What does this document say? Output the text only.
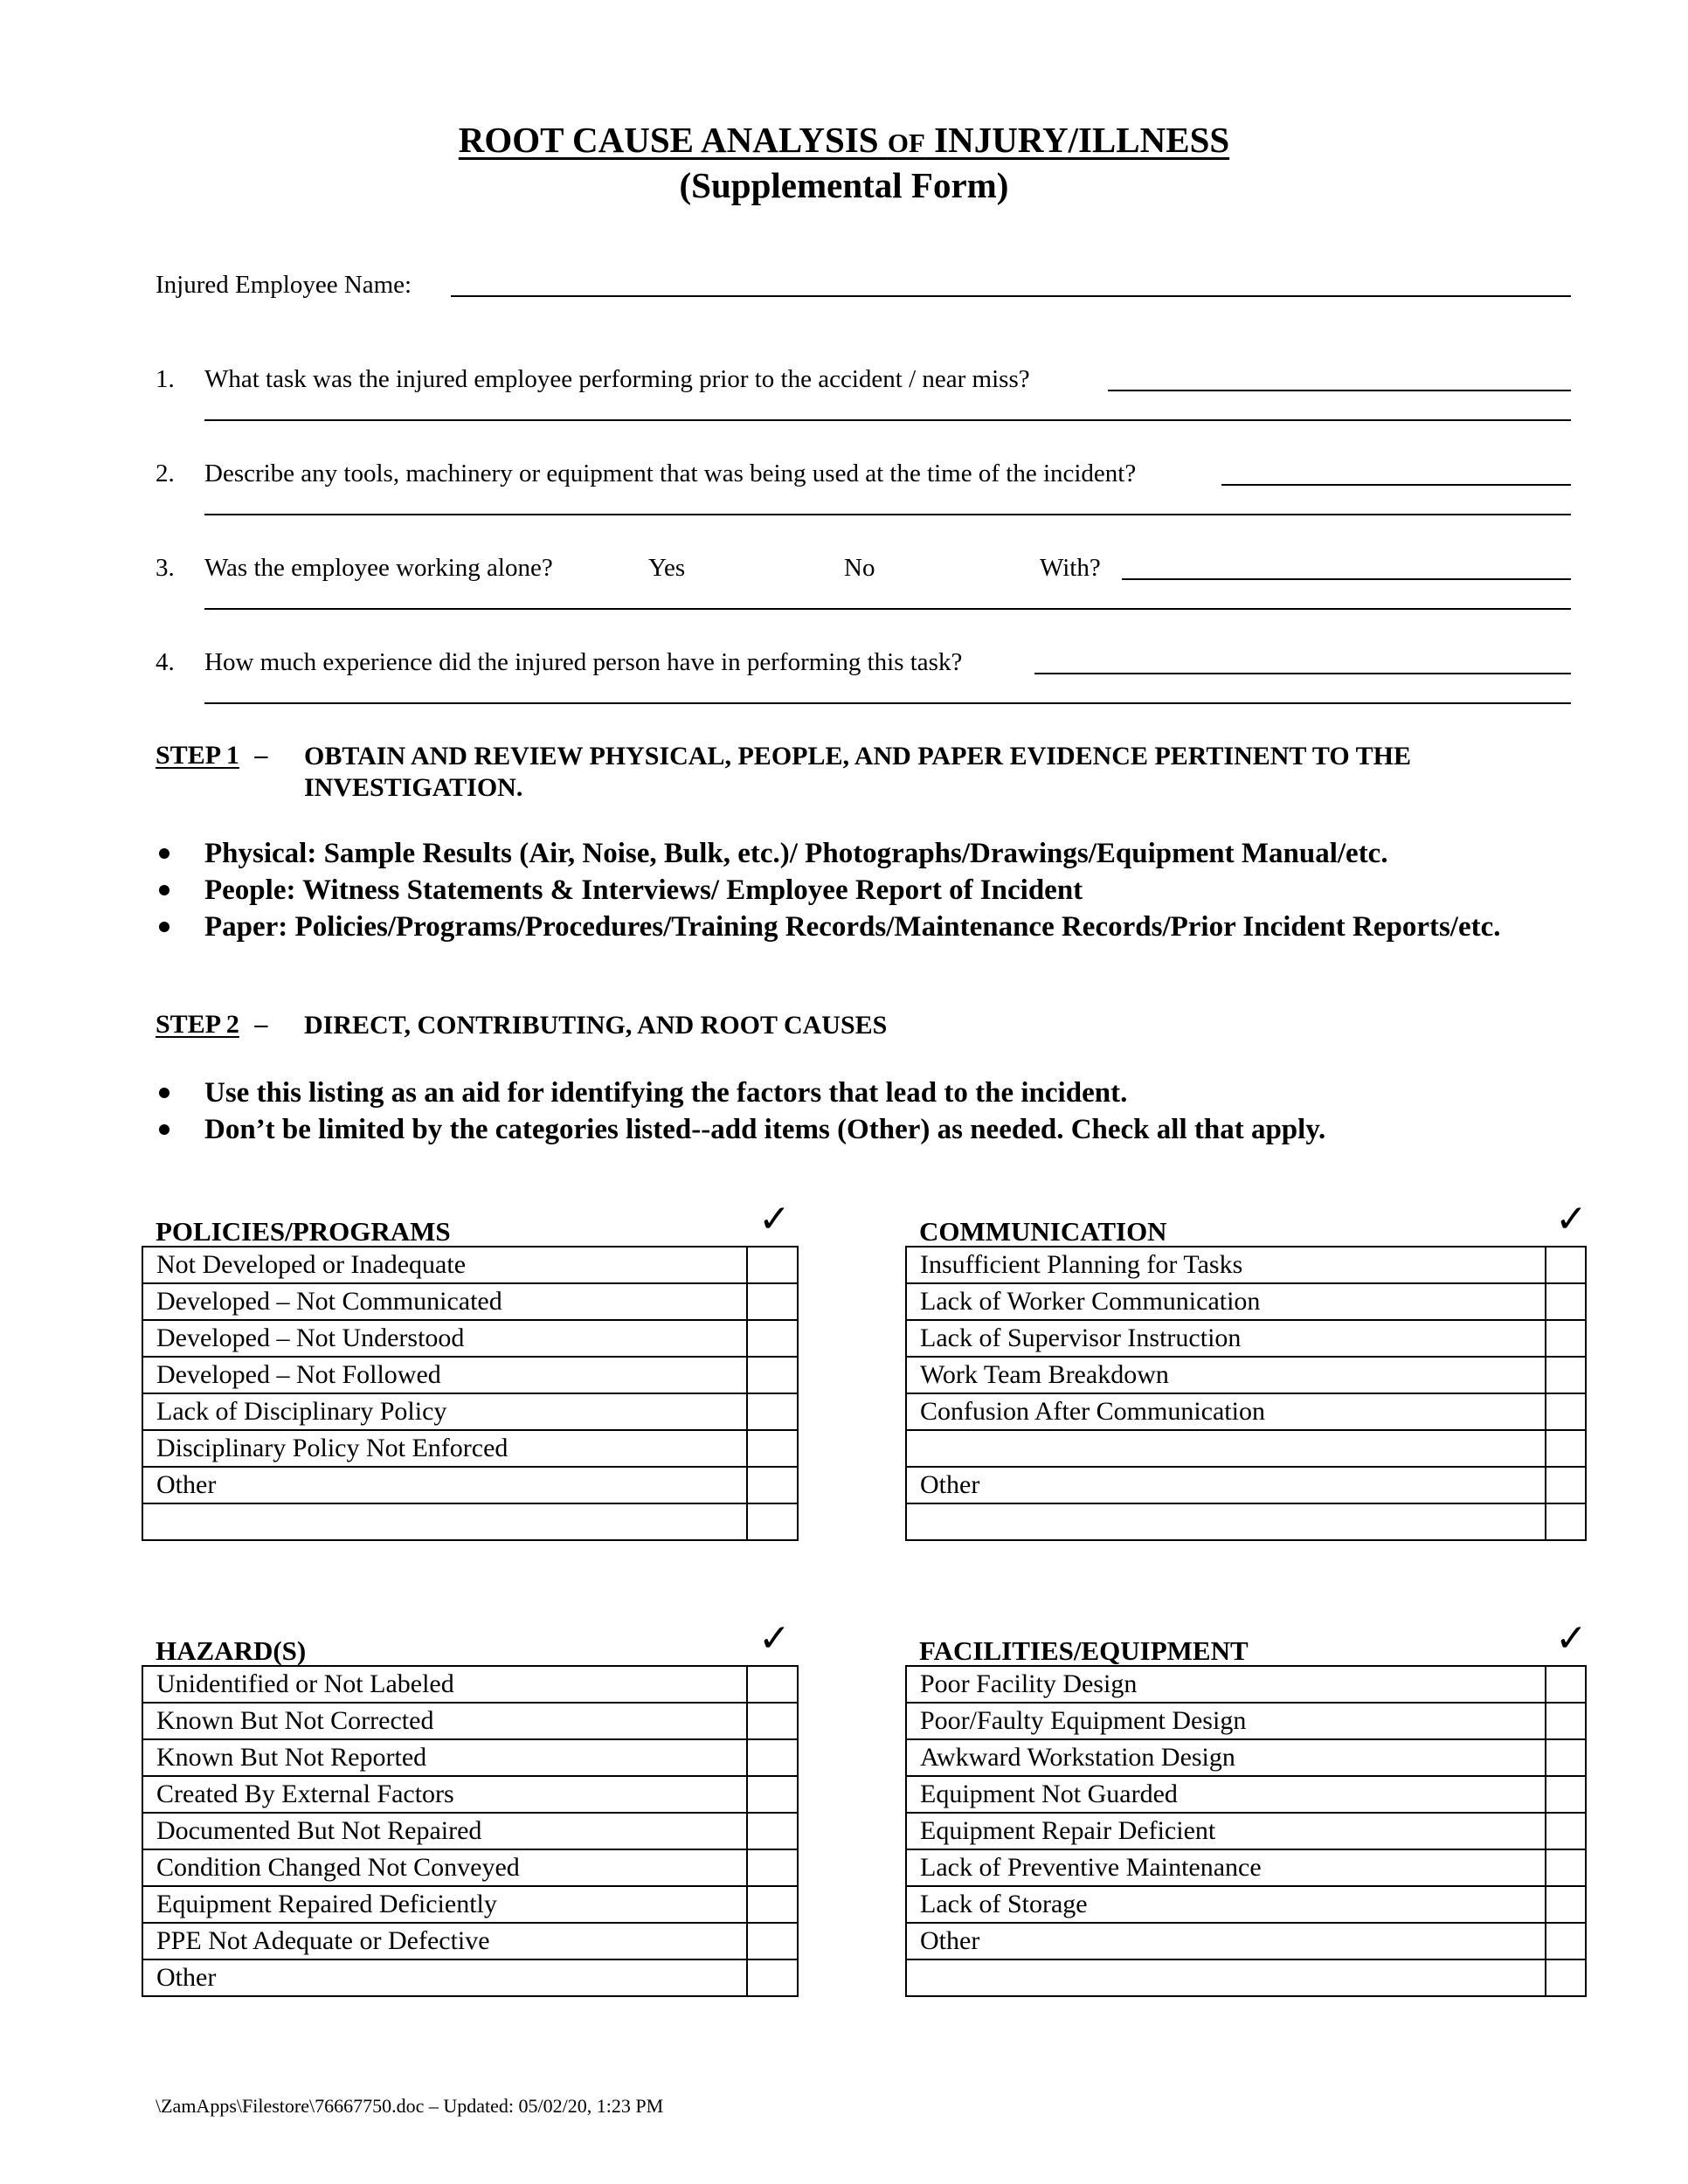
ROOT CAUSE ANALYSIS OF INJURY/ILLNESS
(Supplemental Form)
Injured Employee Name:
1. What task was the injured employee performing prior to the accident / near miss?
2. Describe any tools, machinery or equipment that was being used at the time of the incident?
3. Was the employee working alone?	Yes	No	With?
4. How much experience did the injured person have in performing this task?
STEP 1 – OBTAIN AND REVIEW PHYSICAL, PEOPLE, AND PAPER EVIDENCE PERTINENT TO THE INVESTIGATION.
Physical: Sample Results (Air, Noise, Bulk, etc.)/ Photographs/Drawings/Equipment Manual/etc.
People: Witness Statements & Interviews/ Employee Report of Incident
Paper: Policies/Programs/Procedures/Training Records/Maintenance Records/Prior Incident Reports/etc.
STEP 2 – DIRECT, CONTRIBUTING, AND ROOT CAUSES
Use this listing as an aid for identifying the factors that lead to the incident.
Don’t be limited by the categories listed--add items (Other) as needed. Check all that apply.
POLICIES/PROGRAMS	✓
Not Developed or Inadequate	
Developed – Not Communicated	
Developed – Not Understood	
Developed – Not Followed	
Lack of Disciplinary Policy	
Disciplinary Policy Not Enforced	
Other	

COMMUNICATION	✓
Insufficient Planning for Tasks	
Lack of Worker Communication	
Lack of Supervisor Instruction	
Work Team Breakdown	
Confusion After Communication	

Other	

HAZARD(S)	✓
Unidentified or Not Labeled	
Known But Not Corrected	
Known But Not Reported	
Created By External Factors	
Documented But Not Repaired	
Condition Changed Not Conveyed	
Equipment Repaired Deficiently	
PPE Not Adequate or Defective	
Other	
FACILITIES/EQUIPMENT	✓
Poor Facility Design	
Poor/Faulty Equipment Design	
Awkward Workstation Design	
Equipment Not Guarded	
Equipment Repair Deficient	
Lack of Preventive Maintenance	
Lack of Storage	
Other	

\ZamApps\Filestore\76667750.doc – Updated: 05/02/20, 1:23 PM
